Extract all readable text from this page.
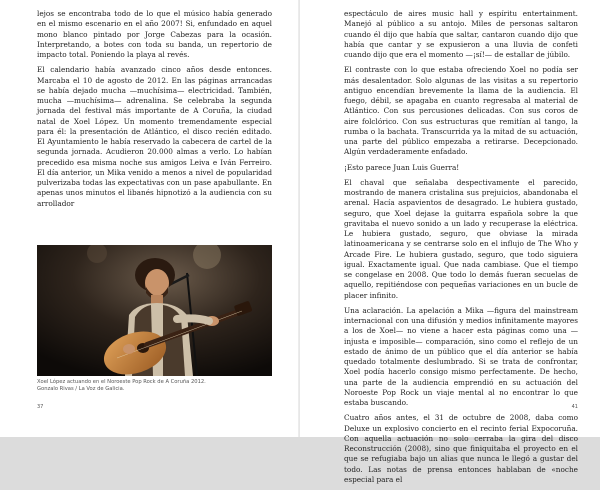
lejos se encontraba todo de lo que el músico había generado en el mismo escenario en el año 2007! Si, enfundado en aquel mono blanco pintado por Jorge Cabezas para la ocasión. Interpretando, a botes con toda su banda, un repertorio de impacto total. Poniendo la playa al revés.

El calendario había avanzado cinco años desde entonces. Marcaba el 10 de agosto de 2012. En las páginas arrancadas se había dejado mucha —muchísima— electricidad. También, mucha —muchísima— adrenalina. Se celebraba la segunda jornada del festival más importante de A Coruña, la ciudad natal de Xoel López. Un momento tremendamente especial para él: la presentación de Atlántico, el disco recién editado. El Ayuntamiento le había reservado la cabecera de cartel de la segunda jornada. Acudieron 20.000 almas a verlo. Lo habían precedido esa misma noche sus amigos Leiva e Iván Ferreiro. El día anterior, un Mika venido a menos a nivel de popularidad pulverizaba todas las expectativas con un pase apabullante. En apenas unos minutos el libanés hipnotizó a la audiencia con su arrollador

Xoel López actuando en el Noroeste Pop Rock de A Coruña 2012.
Gonzalo Rivas / La Voz de Galicia.
37

espectáculo de aires music hall y espíritu entertainment. Manejó al público a su antojo. Miles de personas saltaron cuando él dijo que había que saltar, cantaron cuando dijo que había que cantar y se expusieron a una lluvia de confeti cuando dijo que era el momento —¡sí!— de estallar de júbilo.

El contraste con lo que estaba ofreciendo Xoel no podía ser más desalentador. Solo algunas de las visitas a su repertorio antiguo encendían brevemente la llama de la audiencia. El fuego, débil, se apagaba en cuanto regresaba al material de Atlántico. Con sus percusiones delicadas. Con sus coros de aire folclórico. Con sus estructuras que remitían al tango, la rumba o la bachata. Transcurrida ya la mitad de su actuación, una parte del público empezaba a retirarse. Decepcionado. Algún verdaderamente enfadado.

¡Esto parece Juan Luis Guerra!

El chaval que señalaba despectivamente el parecido, mostrando de manera cristalina sus prejuicios, abandonaba el arenal. Hacía aspavientos de desagrado. Le hubiera gustado, seguro, que Xoel dejase la guitarra española sobre la que gravitaba el nuevo sonido a un lado y recuperase la eléctrica. Le hubiera gustado, seguro, que obviase la mirada latinoamericana y se centrarse solo en el influjo de The Who y Arcade Fire. Le hubiera gustado, seguro, que todo siguiera igual. Exactamente igual. Que nada cambiase. Que el tiempo se congelase en 2008. Que todo lo demás fueran secuelas de aquello, repitiéndose con pequeñas variaciones en un bucle de placer infinito.

Una aclaración. La apelación a Mika —figura del mainstream internacional con una difusión y medios infinitamente mayores a los de Xoel— no viene a hacer esta páginas como una —injusta e imposible— comparación, sino como el reflejo de un estado de ánimo de un público que el día anterior se había quedado totalmente deslumbrado. Si se trata de confrontar, Xoel podía hacerlo consigo mismo perfectamente. De hecho, una parte de la audiencia emprendió en su actuación del Noroeste Pop Rock un viaje mental al no encontrar lo que estaba buscando.

Cuatro años antes, el 31 de octubre de 2008, daba como Deluxe un explosivo concierto en el recinto ferial Expocoruña. Con aquella actuación no solo cerraba la gira del disco Reconstrucción (2008), sino que finiquitaba el proyecto en el que se refugiaba bajo un alias que nunca le llegó a gustar del todo. Las notas de prensa entonces hablaban de «noche especial para el

41
